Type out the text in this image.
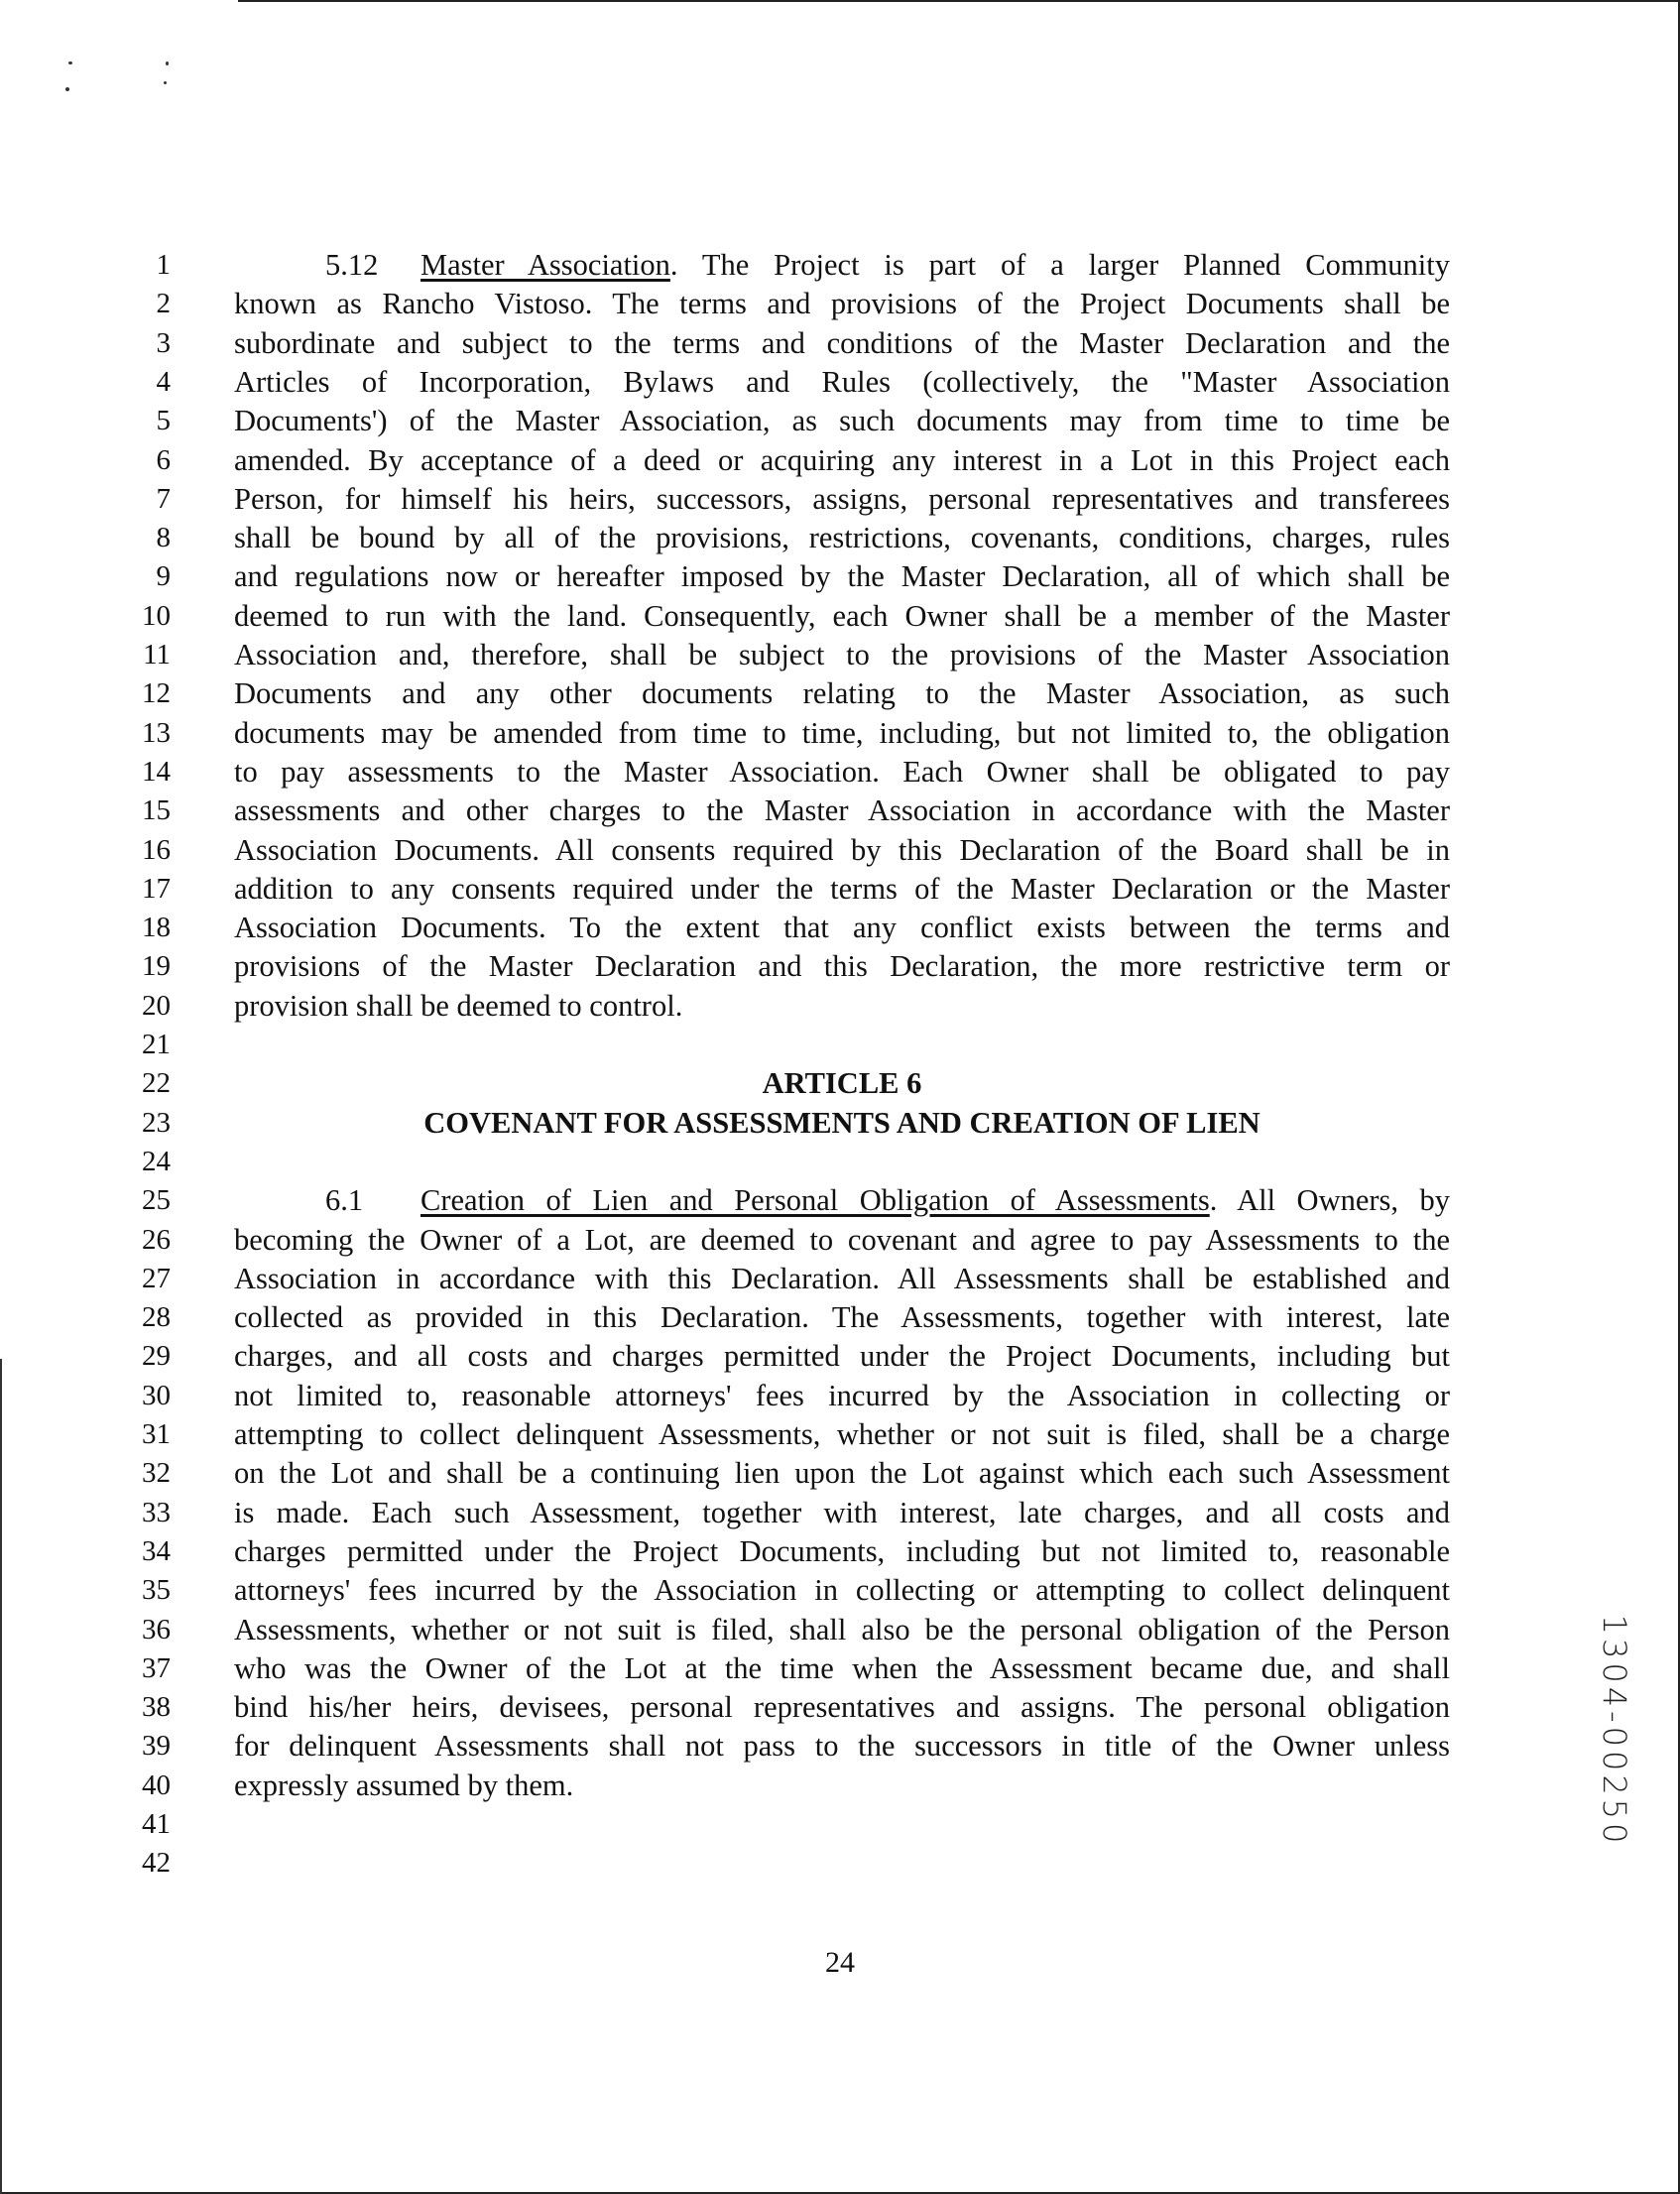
1	5.12 Master Association. The Project is part of a larger Planned Community
2 known as Rancho Vistoso. The terms and provisions of the Project Documents shall be
3 subordinate and subject to the terms and conditions of the Master Declaration and the
4 Articles of Incorporation, Bylaws and Rules (collectively, the "Master Association
5 Documents') of the Master Association, as such documents may from time to time be
6 amended. By acceptance of a deed or acquiring any interest in a Lot in this Project each
7 Person, for himself his heirs, successors, assigns, personal representatives and transferees
8 shall be bound by all of the provisions, restrictions, covenants, conditions, charges, rules
9 and regulations now or hereafter imposed by the Master Declaration, all of which shall be
10 deemed to run with the land. Consequently, each Owner shall be a member of the Master
11 Association and, therefore, shall be subject to the provisions of the Master Association
12 Documents and any other documents relating to the Master Association, as such
13 documents may be amended from time to time, including, but not limited to, the obligation
14 to pay assessments to the Master Association. Each Owner shall be obligated to pay
15 assessments and other charges to the Master Association in accordance with the Master
16 Association Documents. All consents required by this Declaration of the Board shall be in
17 addition to any consents required under the terms of the Master Declaration or the Master
18 Association Documents. To the extent that any conflict exists between the terms and
19 provisions of the Master Declaration and this Declaration, the more restrictive term or
20 provision shall be deemed to control.
21
22	ARTICLE 6
23	COVENANT FOR ASSESSMENTS AND CREATION OF LIEN
24
25	6.1 Creation of Lien and Personal Obligation of Assessments. All Owners, by
26 becoming the Owner of a Lot, are deemed to covenant and agree to pay Assessments to the
27 Association in accordance with this Declaration. All Assessments shall be established and
28 collected as provided in this Declaration. The Assessments, together with interest, late
29 charges, and all costs and charges permitted under the Project Documents, including but
30 not limited to, reasonable attorneys' fees incurred by the Association in collecting or
31 attempting to collect delinquent Assessments, whether or not suit is filed, shall be a charge
32 on the Lot and shall be a continuing lien upon the Lot against which each such Assessment
33 is made. Each such Assessment, together with interest, late charges, and all costs and
34 charges permitted under the Project Documents, including but not limited to, reasonable
35 attorneys' fees incurred by the Association in collecting or attempting to collect delinquent
36 Assessments, whether or not suit is filed, shall also be the personal obligation of the Person
37 who was the Owner of the Lot at the time when the Assessment became due, and shall
38 bind his/her heirs, devisees, personal representatives and assigns. The personal obligation
39 for delinquent Assessments shall not pass to the successors in title of the Owner unless
40 expressly assumed by them.
41
42
24
1304-00250
